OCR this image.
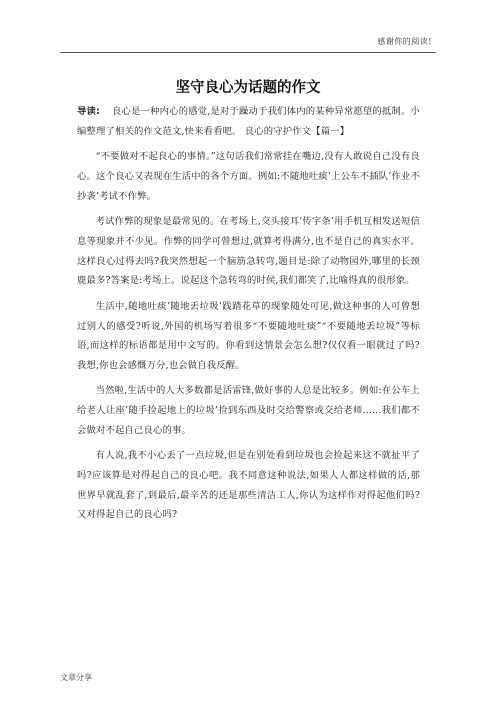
感谢你的阅读!
坚守良心为话题的作文

导读: 良心是一种内心的感觉,是对于躁动于我们体内的某种异常愿望的抵制。小编整理了相关的作文范文,快来看看吧。 良心的守护作文【篇一】

“不要做对不起良心的事情。”这句话我们常常挂在嘴边,没有人敢说自己没有良心。这个良心又表现在生活中的各个方面。例如:不随地吐痰’上公车不插队’作业不抄袭’考试不作弊。

考试作弊的现象是最常见的。在考场上,交头接耳’传字条’用手机互相发送短信息等现象并不少见。作弊的同学可曾想过,就算考得满分,也不是自己的真实水平。这样良心过得去吗?我突然想起一个脑筋急转弯,题目是:除了动物园外,哪里的长颈鹿最多?答案是:考场上。说起这个急转弯的时侯,我们都笑了,比喻得真的很形象。

生活中,随地吐痰’随地丢垃圾’践踏花草的现象随处可见,做这种事的人可曾想过别人的感受?听说,外国的机场写着很多“不要随地吐痰”“不要随地丢垃圾”等标语,而这样的标语都是用中文写的。你看到这情景会怎么想?仅仅看一眼就过了吗?我想,你也会感慨万分,也会做自我反醒。

当然啦,生活中的人大多数都是活雷锋,做好事的人总是比较多。例如:在公车上给老人让座’随手捡起地上的垃圾’捡到东西及时交给警察或交给老师......我们都不会做对不起自己良心的事。

有人说,我不小心丢了一点垃圾,但是在别处看到垃圾也会捡起来这不就扯平了吗?应该算是对得起自己的良心吧。我不同意这种说法,如果人人都这样做的话,那世界早就乱套了,到最后,最辛苦的还是那些清洁工人,你认为这样作对得起他们吗?又对得起自己的良心吗?

文章分享
